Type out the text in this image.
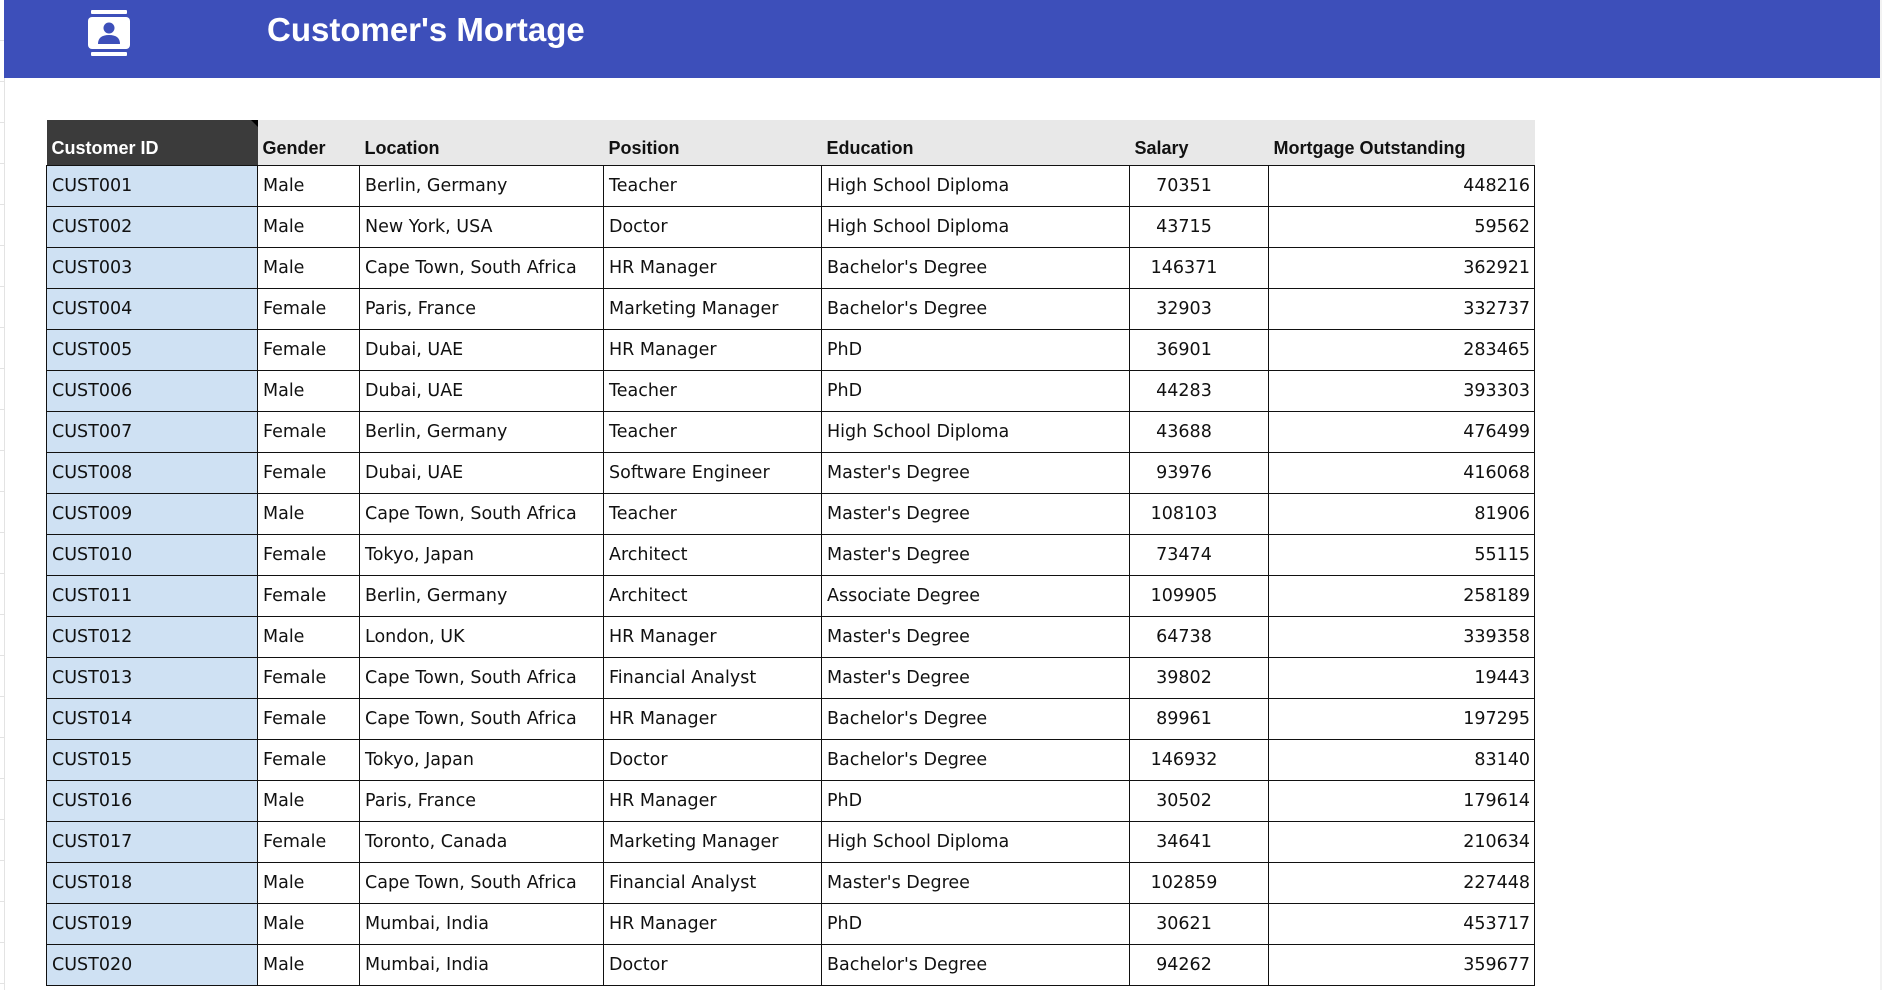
Customer's Mortage
Customer ID	Gender	Location	Position	Education	Salary	Mortgage Outstanding
CUST001	Male	Berlin, Germany	Teacher	High School Diploma	70351	448216
CUST002	Male	New York, USA	Doctor	High School Diploma	43715	59562
CUST003	Male	Cape Town, South Africa	HR Manager	Bachelor's Degree	146371	362921
CUST004	Female	Paris, France	Marketing Manager	Bachelor's Degree	32903	332737
CUST005	Female	Dubai, UAE	HR Manager	PhD	36901	283465
CUST006	Male	Dubai, UAE	Teacher	PhD	44283	393303
CUST007	Female	Berlin, Germany	Teacher	High School Diploma	43688	476499
CUST008	Female	Dubai, UAE	Software Engineer	Master's Degree	93976	416068
CUST009	Male	Cape Town, South Africa	Teacher	Master's Degree	108103	81906
CUST010	Female	Tokyo, Japan	Architect	Master's Degree	73474	55115
CUST011	Female	Berlin, Germany	Architect	Associate Degree	109905	258189
CUST012	Male	London, UK	HR Manager	Master's Degree	64738	339358
CUST013	Female	Cape Town, South Africa	Financial Analyst	Master's Degree	39802	19443
CUST014	Female	Cape Town, South Africa	HR Manager	Bachelor's Degree	89961	197295
CUST015	Female	Tokyo, Japan	Doctor	Bachelor's Degree	146932	83140
CUST016	Male	Paris, France	HR Manager	PhD	30502	179614
CUST017	Female	Toronto, Canada	Marketing Manager	High School Diploma	34641	210634
CUST018	Male	Cape Town, South Africa	Financial Analyst	Master's Degree	102859	227448
CUST019	Male	Mumbai, India	HR Manager	PhD	30621	453717
CUST020	Male	Mumbai, India	Doctor	Bachelor's Degree	94262	359677
